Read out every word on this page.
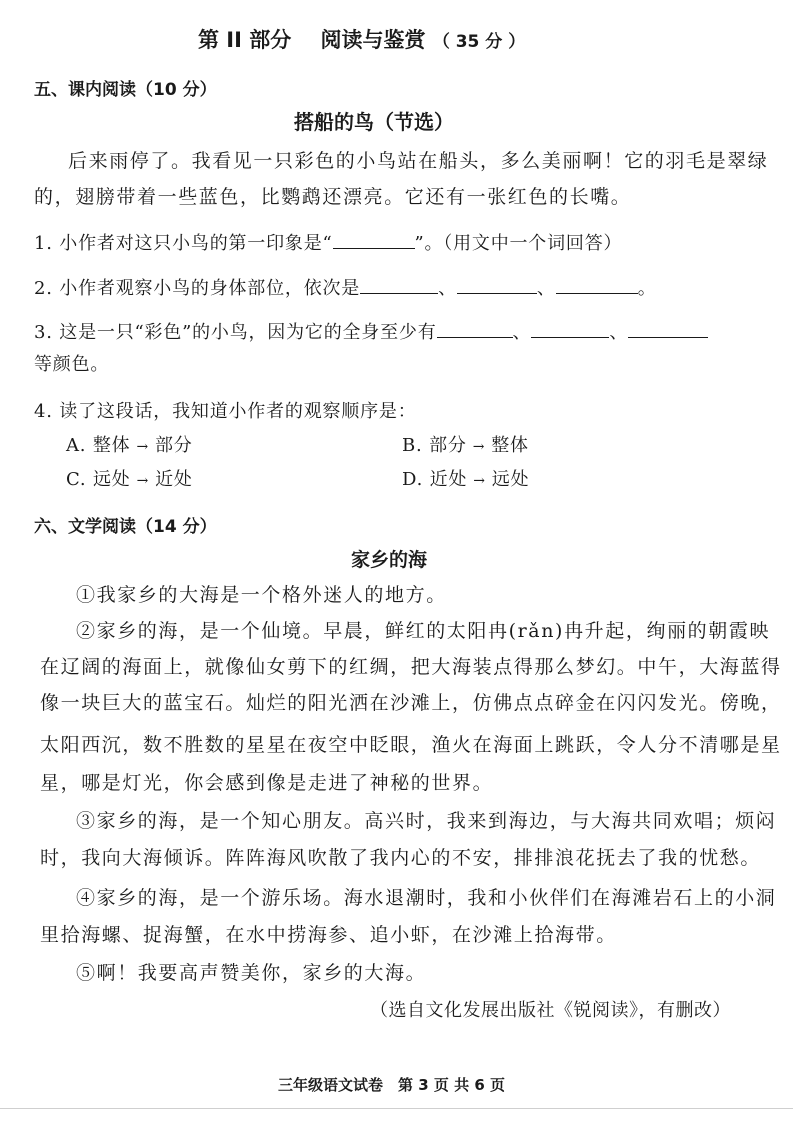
第 II 部分 阅读与鉴赏 （ 35 分 ）
五、课内阅读（10 分）
搭船的鸟（节选）
后来雨停了。我看见一只彩色的小鸟站在船头，多么美丽啊！它的羽毛是翠绿
的，翅膀带着一些蓝色，比鹦鹉还漂亮。它还有一张红色的长嘴。
1. 小作者对这只小鸟的第一印象是“	”。（用文中一个词回答）
2. 小作者观察小鸟的身体部位，依次是	、	、	。
3. 这是一只“彩色”的小鸟，因为它的全身至少有	、	、
等颜色。
4. 读了这段话，我知道小作者的观察顺序是：
A. 整体 → 部分	B. 部分 → 整体
C. 远处 → 近处	D. 近处 → 远处
六、文学阅读（14 分）
家乡的海
①我家乡的大海是一个格外迷人的地方。
②家乡的海，是一个仙境。早晨，鲜红的太阳冉(rǎn)冉升起，绚丽的朝霞映
在辽阔的海面上，就像仙女剪下的红绸，把大海装点得那么梦幻。中午，大海蓝得
像一块巨大的蓝宝石。灿烂的阳光洒在沙滩上，仿佛点点碎金在闪闪发光。傍晚，
太阳西沉，数不胜数的星星在夜空中眨眼，渔火在海面上跳跃，令人分不清哪是星
星，哪是灯光，你会感到像是走进了神秘的世界。
③家乡的海，是一个知心朋友。高兴时，我来到海边，与大海共同欢唱；烦闷
时，我向大海倾诉。阵阵海风吹散了我内心的不安，排排浪花抚去了我的忧愁。
④家乡的海，是一个游乐场。海水退潮时，我和小伙伴们在海滩岩石上的小洞
里拾海螺、捉海蟹，在水中捞海参、追小虾，在沙滩上拾海带。
⑤啊！我要高声赞美你，家乡的大海。
（选自文化发展出版社《锐阅读》，有删改）
三年级语文试卷　第 3 页 共 6 页
